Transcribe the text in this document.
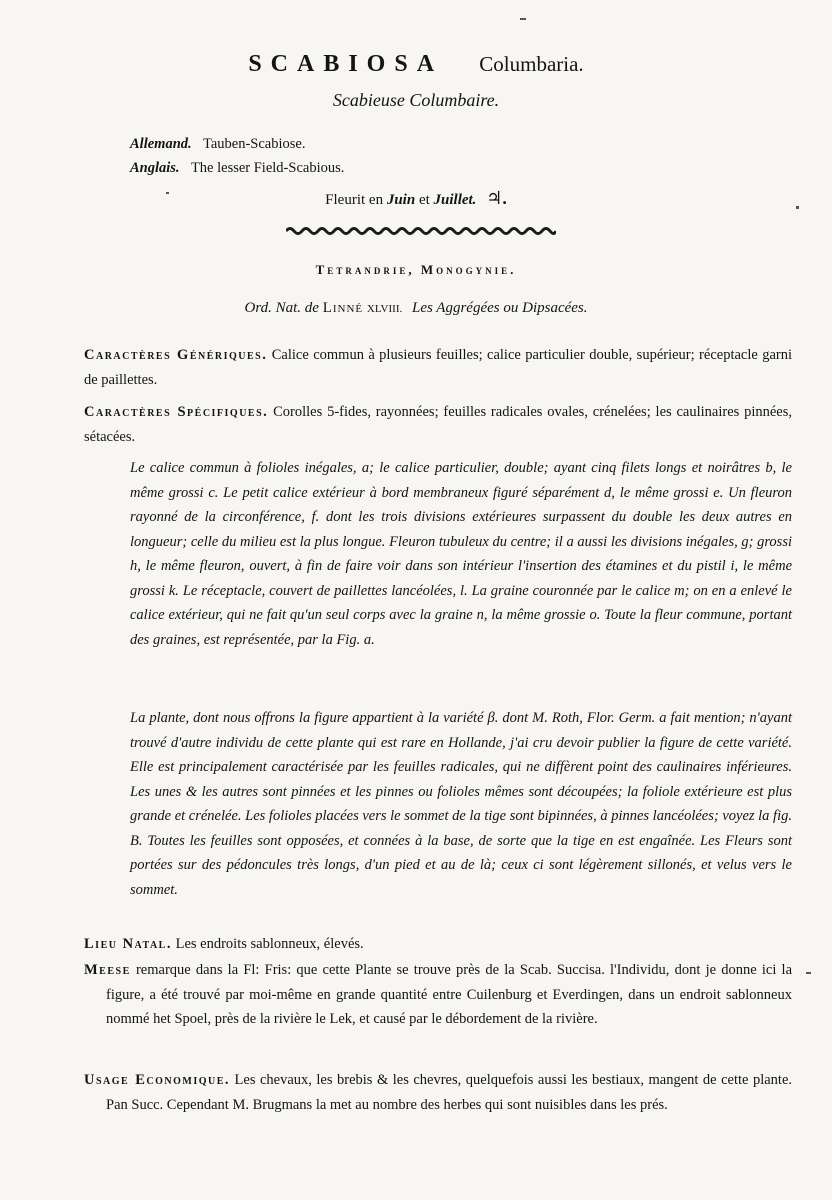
SCABIOSA Columbaria.
Scabieuse Columbaire.
Allemand. Tauben-Scabiose.
Anglais. The lesser Field-Scabious.
Fleurit en Juin et Juillet. ♃.
Tetrandrie, Monogynie.
Ord. Nat. de Linné XLVIII. Les Aggrégées ou Dipsacées.
Caractères Génériques. Calice commun à plusieurs feuilles; calice particulier double, supérieur; réceptacle garni de paillettes.
Caractères Spécifiques. Corolles 5-fides, rayonnées; feuilles radicales ovales, crénelées; les caulinaires pinnées, sétacées.
Le calice commun à folioles inégales, a; le calice particulier, double; ayant cinq filets longs et noirâtres b, le même grossi c. Le petit calice extérieur à bord membraneux figuré séparément d, le même grossi e. Un fleuron rayonné de la circonférence, f. dont les trois divisions extérieures surpassent du double les deux autres en longueur; celle du milieu est la plus longue. Fleuron tubuleux du centre; il a aussi les divisions inégales, g; grossi h, le même fleuron, ouvert, à fin de faire voir dans son intérieur l'insertion des étamines et du pistil i, le même grossi k. Le réceptacle, couvert de paillettes lancéolées, l. La graine couronnée par le calice m; on en a enlevé le calice extérieur, qui ne fait qu'un seul corps avec la graine n, la même grossie o. Toute la fleur commune, portant des graines, est représentée, par la Fig. a.
La plante, dont nous offrons la figure appartient à la variété β. dont M. Roth, Flor. Germ. a fait mention; n'ayant trouvé d'autre individu de cette plante qui est rare en Hollande, j'ai cru devoir publier la figure de cette variété. Elle est principalement caractérisée par les feuilles radicales, qui ne diffèrent point des caulinaires inférieures. Les unes & les autres sont pinnées et les pinnes ou folioles mêmes sont découpées; la foliole extérieure est plus grande et crénelée. Les folioles placées vers le sommet de la tige sont bipinnées, à pinnes lancéolées; voyez la fig. B. Toutes les feuilles sont opposées, et connées à la base, de sorte que la tige en est engaînée. Les Fleurs sont portées sur des pédoncules très longs, d'un pied et au de là; ceux ci sont légèrement sillonés, et velus vers le sommet.
Lieu Natal. Les endroits sablonneux, élevés.
Meese remarque dans la Fl: Fris: que cette Plante se trouve près de la Scab. Succisa. l'Individu, dont je donne ici la figure, a été trouvé par moi-même en grande quantité entre Cuilenburg et Everdingen, dans un endroit sablonneux nommé het Spoel, près de la rivière le Lek, et causé par le débordement de la rivière.
Usage Economique. Les chevaux, les brebis & les chevres, quelquefois aussi les bestiaux, mangent de cette plante. Pan Succ. Cependant M. Brugmans la met au nombre des herbes qui sont nuisibles dans les prés.
